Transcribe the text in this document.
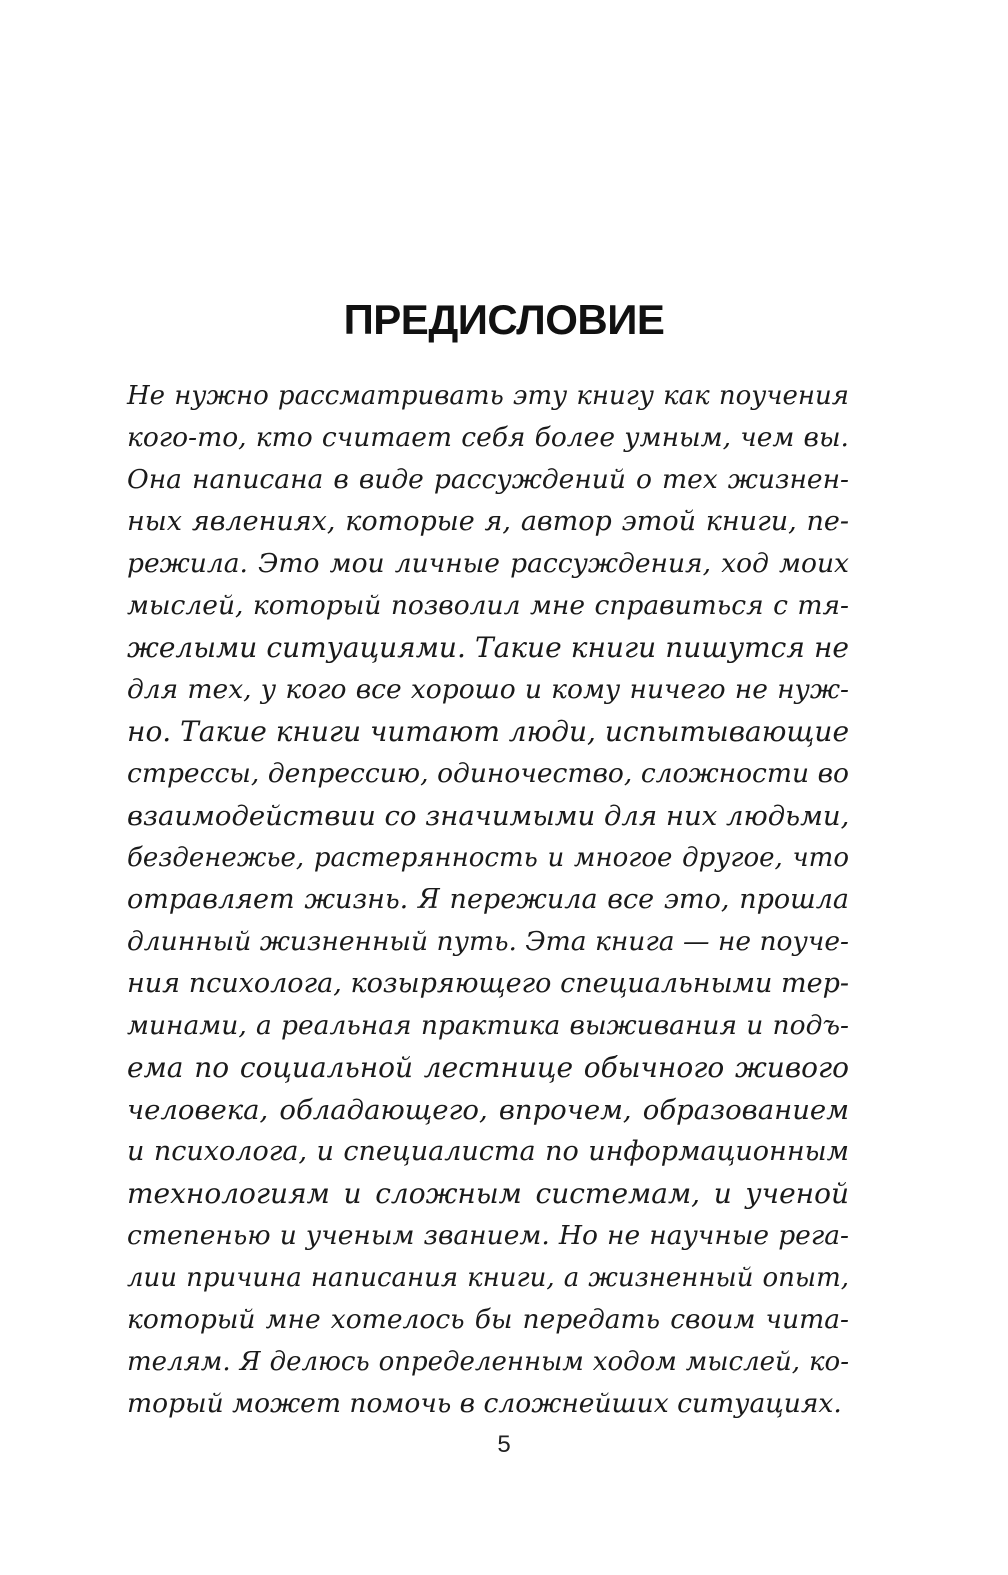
ПРЕДИСЛОВИЕ
Не нужно рассматривать эту книгу как поучения
кого-то, кто считает себя более умным, чем вы.
Она написана в виде рассуждений о тех жизнен-
ных явлениях, которые я, автор этой книги, пе-
режила. Это мои личные рассуждения, ход моих
мыслей, который позволил мне справиться с тя-
желыми ситуациями. Такие книги пишутся не
для тех, у кого все хорошо и кому ничего не нуж-
но. Такие книги читают люди, испытывающие
стрессы, депрессию, одиночество, сложности во
взаимодействии со значимыми для них людьми,
безденежье, растерянность и многое другое, что
отравляет жизнь. Я пережила все это, прошла
длинный жизненный путь. Эта книга — не поуче-
ния психолога, козыряющего специальными тер-
минами, а реальная практика выживания и подъ-
ема по социальной лестнице обычного живого
человека, обладающего, впрочем, образованием
и психолога, и специалиста по информационным
технологиям и сложным системам, и ученой
степенью и ученым званием. Но не научные рега-
лии причина написания книги, а жизненный опыт,
который мне хотелось бы передать своим чита-
телям. Я делюсь определенным ходом мыслей, ко-
торый может помочь в сложнейших ситуациях.
5
